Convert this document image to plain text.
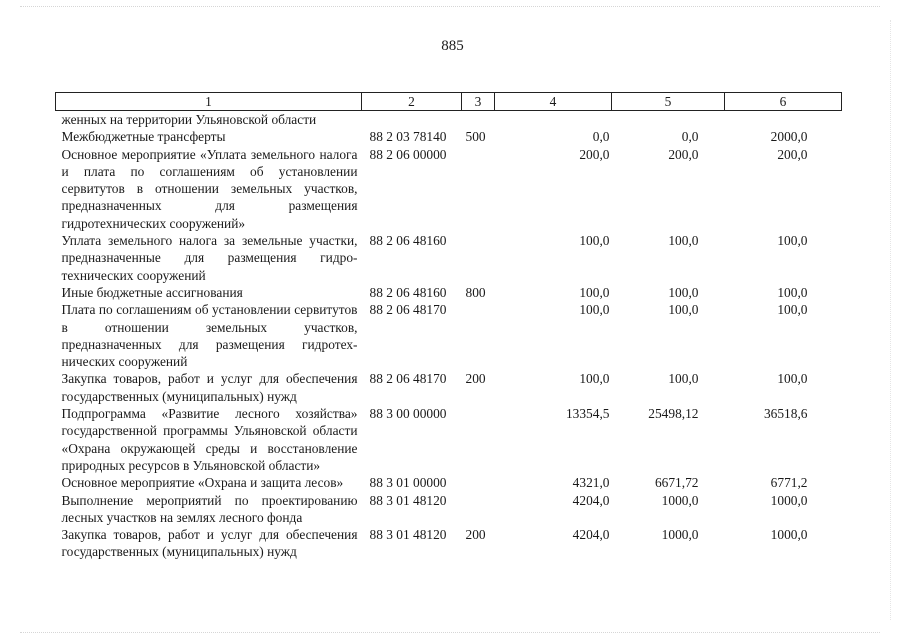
885
1	2	3	4	5	6
женных на территории Ульяновской области					
Межбюджетные трансферты	88 2 03 78140	500	0,0	0,0	2000,0
Основное мероприятие «Уплата земельного налога и плата по соглашениям об установлении сервитутов в отношении земельных участков, предназначенных для размещения гидротехнических сооружений»	88 2 06 00000		200,0	200,0	200,0
Уплата земельного налога за земельные участки, предназначенные для размещения гидротехнических сооружений	88 2 06 48160		100,0	100,0	100,0
Иные бюджетные ассигнования	88 2 06 48160	800	100,0	100,0	100,0
Плата по соглашениям об установлении сервитутов в отношении земельных участков, предназначенных для размещения гидротехнических сооружений	88 2 06 48170		100,0	100,0	100,0
Закупка товаров, работ и услуг для обеспечения государственных (муниципальных) нужд	88 2 06 48170	200	100,0	100,0	100,0
Подпрограмма «Развитие лесного хозяйства» государственной программы Ульяновской области «Охрана окружающей среды и восстановление природных ресурсов в Ульяновской области»	88 3 00 00000		13354,5	25498,12	36518,6
Основное мероприятие «Охрана и защита лесов»	88 3 01 00000		4321,0	6671,72	6771,2
Выполнение мероприятий по проектированию лесных участков на землях лесного фонда	88 3 01 48120		4204,0	1000,0	1000,0
Закупка товаров, работ и услуг для обеспечения государственных (муниципальных) нужд	88 3 01 48120	200	4204,0	1000,0	1000,0
